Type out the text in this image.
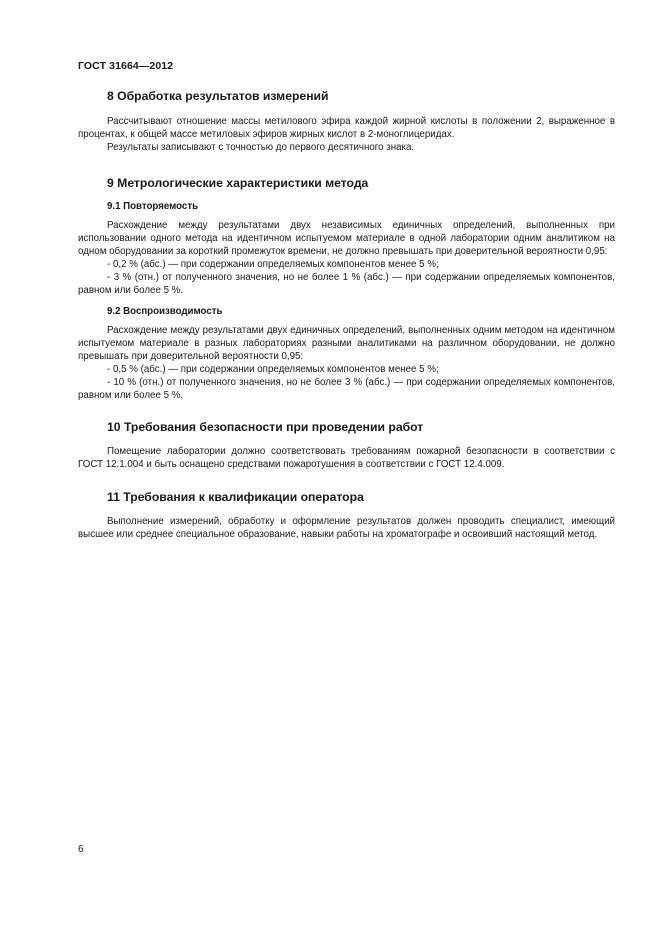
ГОСТ 31664—2012
8 Обработка результатов измерений

Рассчитывают отношение массы метилового эфира каждой жирной кислоты в положении 2, выраженное в процентах, к общей массе метиловых эфиров жирных кислот в 2-моноглицеридах.

Результаты записывают с точностью до первого десятичного знака.

9 Метрологические характеристики метода
9.1 Повторяемость

Расхождение между результатами двух независимых единичных определений, выполненных при использовании одного метода на идентичном испытуемом материале в одной лаборатории одним аналитиком на одном оборудовании за короткий промежуток времени, не должно превышать при доверительной вероятности 0,95:

- 0,2 % (абс.) — при содержании определяемых компонентов менее 5 %;
- 3 % (отн.) от полученного значения, но не более 1 % (абс.) — при содержании определяемых компонентов, равном или более 5 %.
9.2 Воспроизводимость

Расхождение между результатами двух единичных определений, выполненных одним методом на идентичном испытуемом материале в разных лабораториях разными аналитиками на различном оборудовании, не должно превышать при доверительной вероятности 0,95:

- 0,5 % (абс.) — при содержании определяемых компонентов менее 5 %;
- 10 % (отн.) от полученного значения, но не более 3 % (абс.) — при содержании определяемых компонентов, равном или более 5 %.
10 Требования безопасности при проведении работ

Помещение лаборатории должно соответствовать требованиям пожарной безопасности в соответствии с ГОСТ 12.1.004 и быть оснащено средствами пожаротушения в соответствии с ГОСТ 12.4.009.

11 Требования к квалификации оператора

Выполнение измерений, обработку и оформление результатов должен проводить специалист, имеющий высшее или среднее специальное образование, навыки работы на хроматографе и освоивший настоящий метод.

6
